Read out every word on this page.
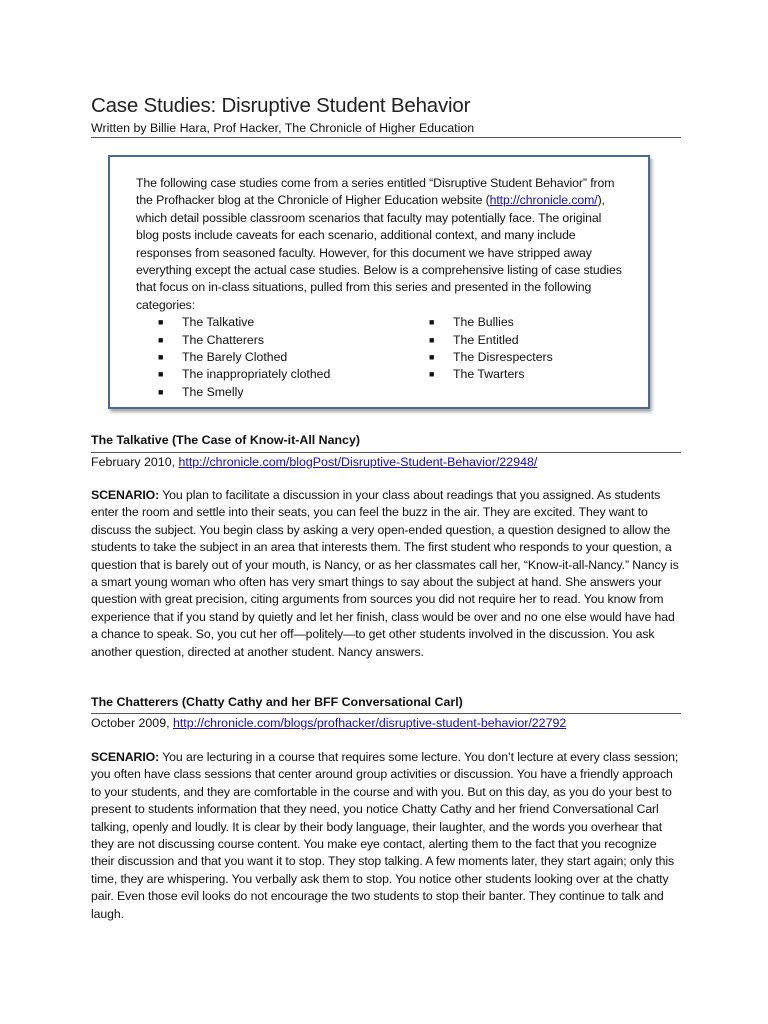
Case Studies: Disruptive Student Behavior
Written by Billie Hara, Prof Hacker, The Chronicle of Higher Education

The following case studies come from a series entitled “Disruptive Student Behavior” from the Profhacker blog at the Chronicle of Higher Education website (http://chronicle.com/), which detail possible classroom scenarios that faculty may potentially face. The original blog posts include caveats for each scenario, additional context, and many include responses from seasoned faculty. However, for this document we have stripped away everything except the actual case studies. Below is a comprehensive listing of case studies that focus on in-class situations, pulled from this series and presented in the following categories:

■	The Talkative
■	The Chatterers
■	The Barely Clothed
■	The inappropriately clothed
■	The Smelly
■	The Bullies
■	The Entitled
■	The Disrespecters
■	The Twarters
The Talkative (The Case of Know-it-All Nancy)
February 2010, http://chronicle.com/blogPost/Disruptive-Student-Behavior/22948/

SCENARIO: You plan to facilitate a discussion in your class about readings that you assigned. As students enter the room and settle into their seats, you can feel the buzz in the air. They are excited. They want to discuss the subject. You begin class by asking a very open-ended question, a question designed to allow the students to take the subject in an area that interests them. The first student who responds to your question, a question that is barely out of your mouth, is Nancy, or as her classmates call her, “Know-it-all-Nancy.” Nancy is a smart young woman who often has very smart things to say about the subject at hand. She answers your question with great precision, citing arguments from sources you did not require her to read. You know from experience that if you stand by quietly and let her finish, class would be over and no one else would have had a chance to speak. So, you cut her off—politely—to get other students involved in the discussion. You ask another question, directed at another student. Nancy answers.

The Chatterers (Chatty Cathy and her BFF Conversational Carl)
October 2009, http://chronicle.com/blogs/profhacker/disruptive-student-behavior/22792

SCENARIO: You are lecturing in a course that requires some lecture. You don’t lecture at every class session; you often have class sessions that center around group activities or discussion. You have a friendly approach to your students, and they are comfortable in the course and with you. But on this day, as you do your best to present to students information that they need, you notice Chatty Cathy and her friend Conversational Carl talking, openly and loudly. It is clear by their body language, their laughter, and the words you overhear that they are not discussing course content. You make eye contact, alerting them to the fact that you recognize their discussion and that you want it to stop. They stop talking. A few moments later, they start again; only this time, they are whispering. You verbally ask them to stop. You notice other students looking over at the chatty pair. Even those evil looks do not encourage the two students to stop their banter. They continue to talk and laugh.
